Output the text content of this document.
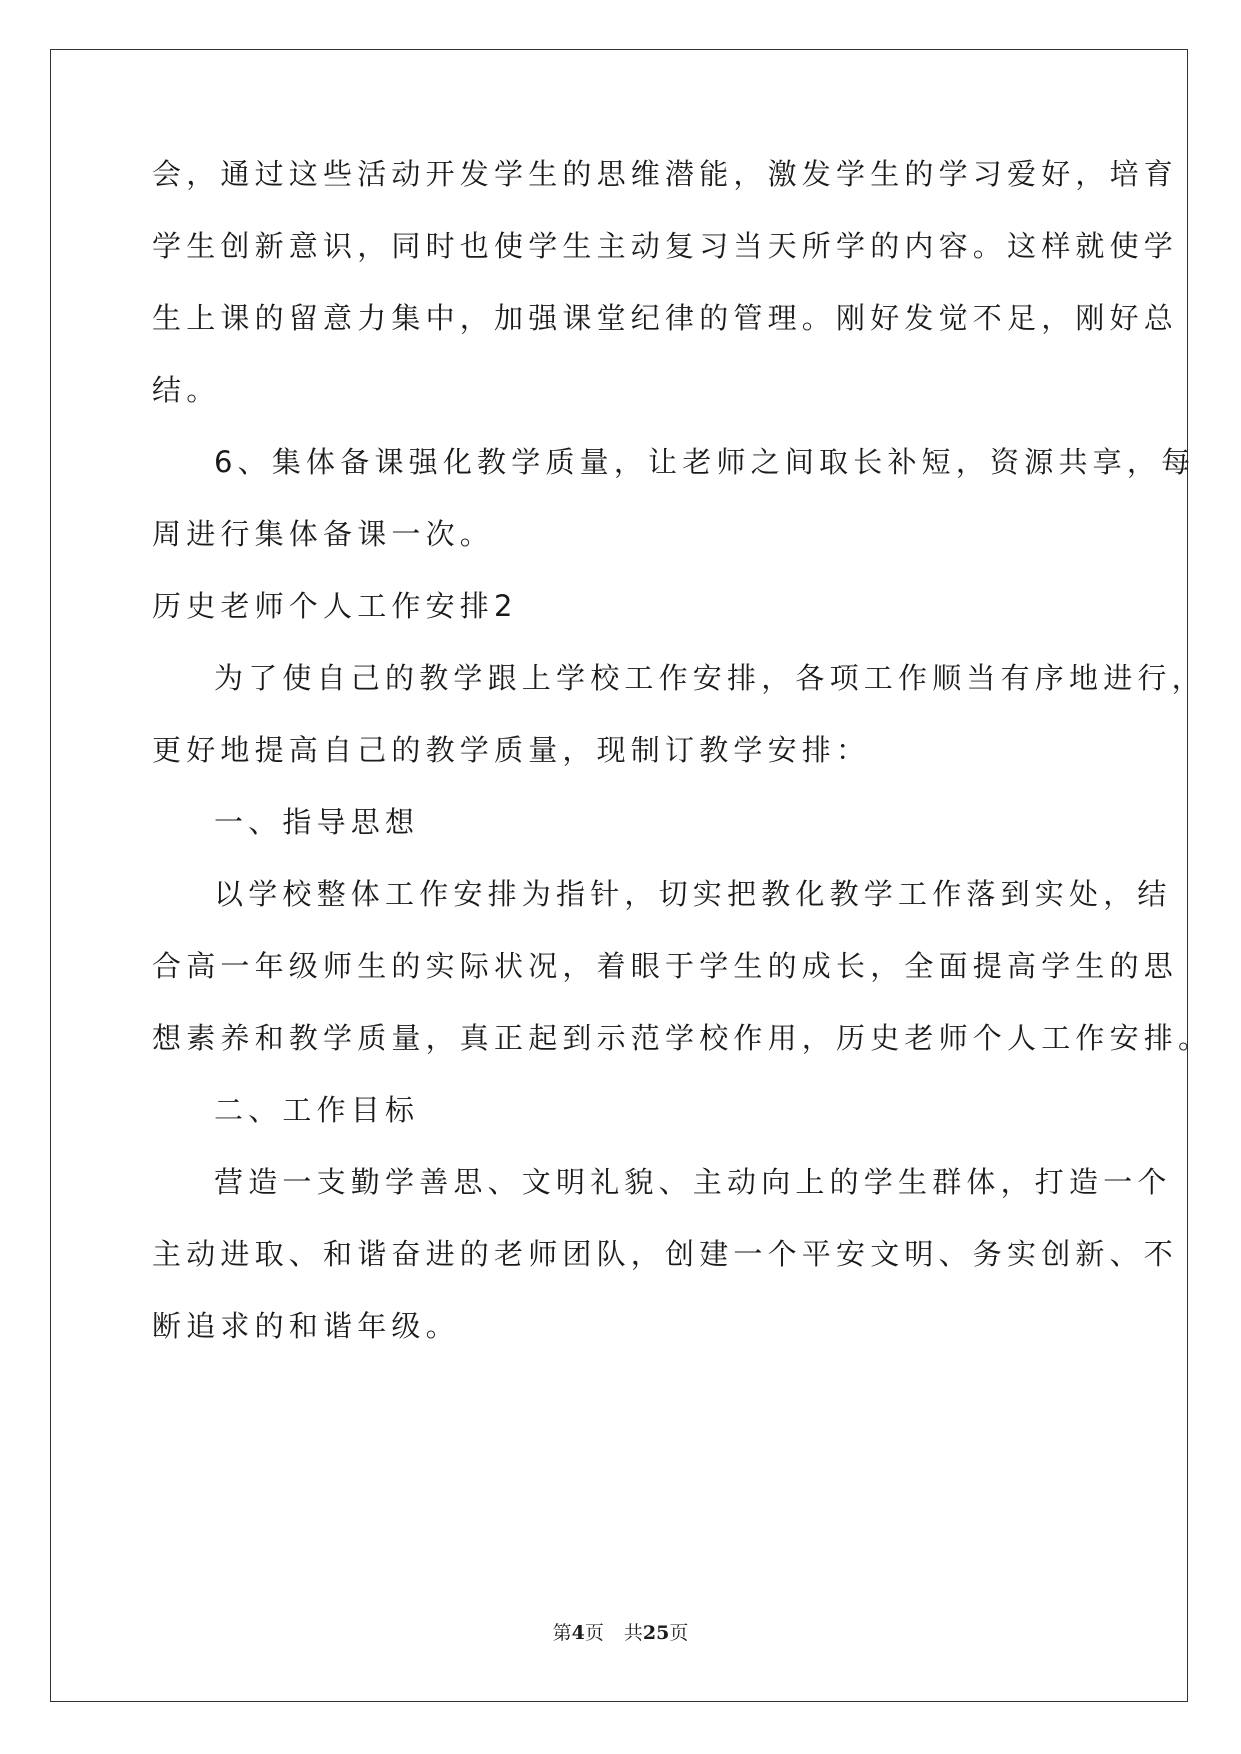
会，通过这些活动开发学生的思维潜能，激发学生的学习爱好，培育
学生创新意识，同时也使学生主动复习当天所学的内容。这样就使学
生上课的留意力集中，加强课堂纪律的管理。刚好发觉不足，刚好总
结。
6、集体备课强化教学质量，让老师之间取长补短，资源共享，每
周进行集体备课一次。
历史老师个人工作安排2
为了使自己的教学跟上学校工作安排，各项工作顺当有序地进行，
更好地提高自己的教学质量，现制订教学安排：
一、指导思想
以学校整体工作安排为指针，切实把教化教学工作落到实处，结
合高一年级师生的实际状况，着眼于学生的成长，全面提高学生的思
想素养和教学质量，真正起到示范学校作用，历史老师个人工作安排。
二、工作目标
营造一支勤学善思、文明礼貌、主动向上的学生群体，打造一个
主动进取、和谐奋进的老师团队，创建一个平安文明、务实创新、不
断追求的和谐年级。
第4页 共25页
